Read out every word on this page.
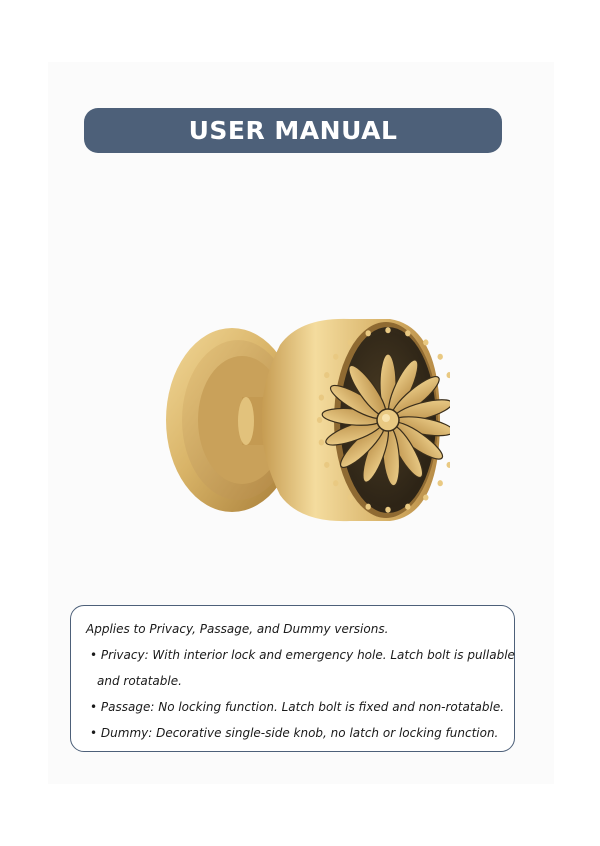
USER MANUAL
Applies to Privacy, Passage, and Dummy versions.
• Privacy: With interior lock and emergency hole. Latch bolt is pullable
and rotatable.
• Passage: No locking function. Latch bolt is fixed and non-rotatable.
• Dummy: Decorative single-side knob, no latch or locking function.
